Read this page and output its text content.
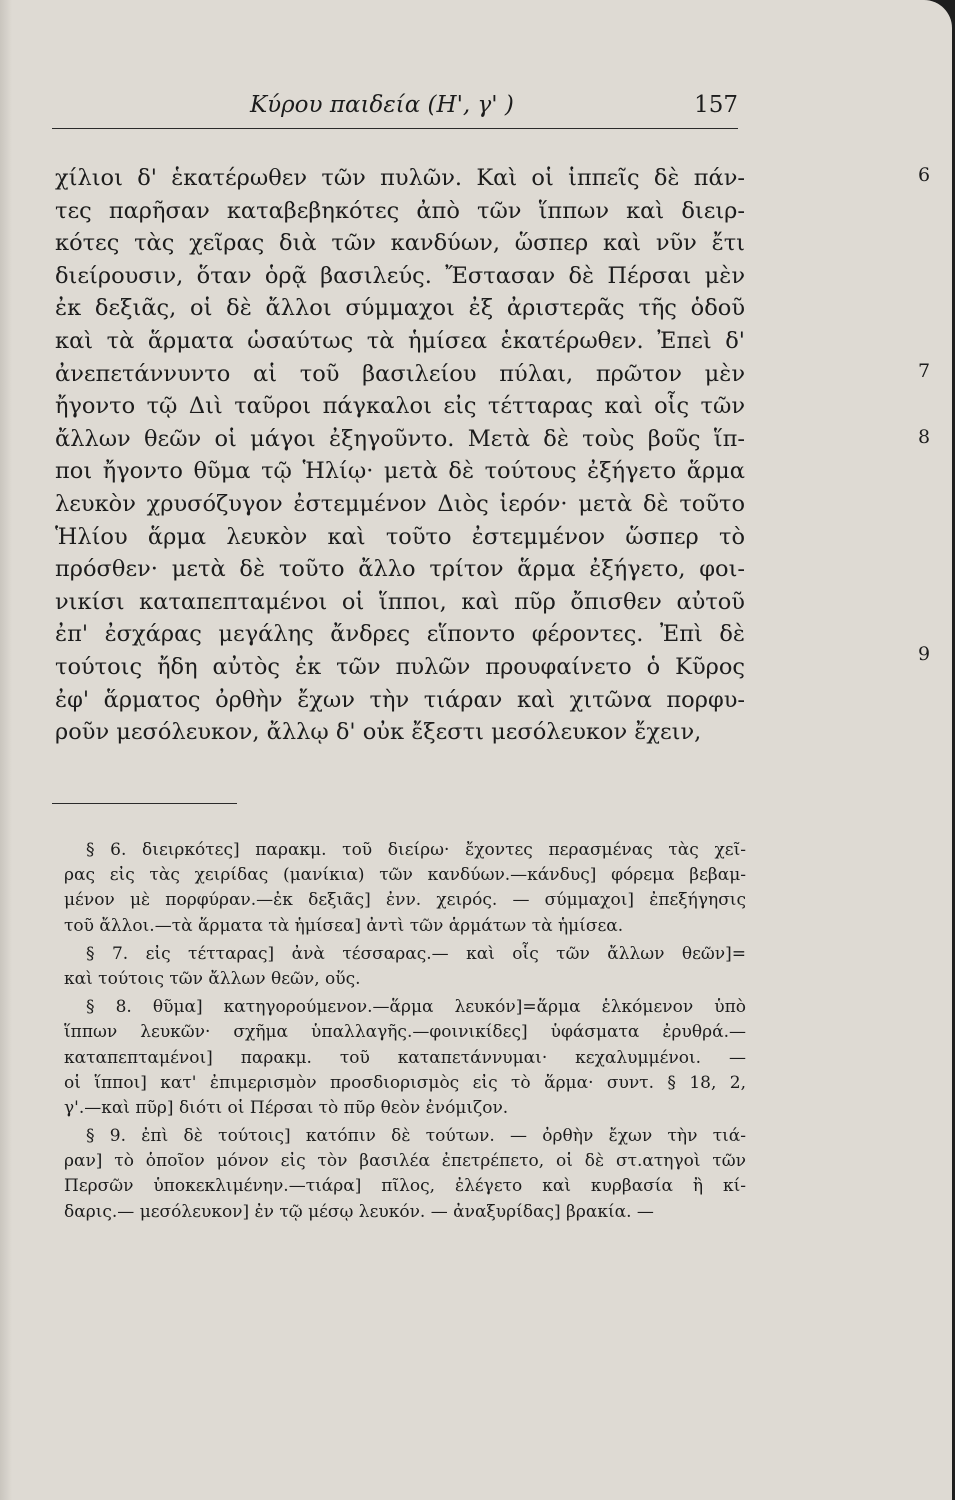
Κύρου παιδεία (Η', γ' )	157
χίλιοι δ' ἑκατέρωθεν τῶν πυλῶν. Καὶ οἱ ἱππεῖς δὲ πάν-
τες παρῆσαν καταβεβηκότες ἀπὸ τῶν ἵππων καὶ διειρ-
κότες τὰς χεῖρας διὰ τῶν κανδύων, ὥσπερ καὶ νῦν ἔτι
διείρουσιν, ὅταν ὁρᾷ βασιλεύς. Ἔστασαν δὲ Πέρσαι μὲν
ἐκ δεξιᾶς, οἱ δὲ ἄλλοι σύμμαχοι ἐξ ἀριστερᾶς τῆς ὁδοῦ
καὶ τὰ ἅρματα ὡσαύτως τὰ ἡμίσεα ἑκατέρωθεν. Ἐπεὶ δ'
ἀνεπετάννυντο αἱ τοῦ βασιλείου πύλαι, πρῶτον μὲν
ἤγοντο τῷ Διὶ ταῦροι πάγκαλοι εἰς τέτταρας καὶ οἷς τῶν
ἄλλων θεῶν οἱ μάγοι ἐξηγοῦντο. Μετὰ δὲ τοὺς βοῦς ἵπ-
ποι ἤγοντο θῦμα τῷ Ἡλίῳ· μετὰ δὲ τούτους ἐξήγετο ἅρμα
λευκὸν χρυσόζυγον ἐστεμμένον Διὸς ἱερόν· μετὰ δὲ τοῦτο
Ἡλίου ἅρμα λευκὸν καὶ τοῦτο ἐστεμμένον ὥσπερ τὸ
πρόσθεν· μετὰ δὲ τοῦτο ἄλλο τρίτον ἅρμα ἐξήγετο, φοι-
νικίσι καταπεπταμένοι οἱ ἵπποι, καὶ πῦρ ὄπισθεν αὐτοῦ
ἐπ' ἐσχάρας μεγάλης ἄνδρες εἵποντο φέροντες. Ἐπὶ δὲ
τούτοις ἤδη αὐτὸς ἐκ τῶν πυλῶν προυφαίνετο ὁ Κῦρος
ἐφ' ἅρματος ὀρθὴν ἔχων τὴν τιάραν καὶ χιτῶνα πορφυ-
ροῦν μεσόλευκον, ἄλλῳ δ' οὐκ ἔξεστι μεσόλευκον ἔχειν,
6
7
8
9
§ 6. διειρκότες] παρακμ. τοῦ διείρω· ἔχοντες περασμένας τὰς χεῖ-
ρας εἰς τὰς χειρίδας (μανίκια) τῶν κανδύων.—κάνδυς] φόρεμα βεβαμ-
μένον μὲ πορφύραν.—ἐκ δεξιᾶς] ἐνν. χειρός. — σύμμαχοι] ἐπεξήγησις
τοῦ ἄλλοι.—τὰ ἅρματα τὰ ἡμίσεα] ἀντὶ τῶν ἁρμάτων τὰ ἡμίσεα.
§ 7. εἰς τέτταρας] ἀνὰ τέσσαρας.— καὶ οἷς τῶν ἄλλων θεῶν]=
καὶ τούτοις τῶν ἄλλων θεῶν, οὕς.
§ 8. θῦμα] κατηγορούμενον.—ἅρμα λευκόν]=ἅρμα ἑλκόμενον ὑπὸ
ἵππων λευκῶν· σχῆμα ὑπαλλαγῆς.—φοινικίδες] ὑφάσματα ἐρυθρά.—
καταπεπταμένοι] παρακμ. τοῦ καταπετάννυμαι· κεχαλυμμένοι. —
οἱ ἵπποι] κατ' ἐπιμερισμὸν προσδιορισμὸς εἰς τὸ ἅρμα· συντ. § 18, 2,
γ'.—καὶ πῦρ] διότι οἱ Πέρσαι τὸ πῦρ θεὸν ἐνόμιζον.
§ 9. ἐπὶ δὲ τούτοις] κατόπιν δὲ τούτων. — ὀρθὴν ἔχων τὴν τιά-
ραν] τὸ ὁποῖον μόνον εἰς τὸν βασιλέα ἐπετρέπετο, οἱ δὲ στ.ατηγοὶ τῶν
Περσῶν ὑποκεκλιμένην.—τιάρα] πῖλος, ἐλέγετο καὶ κυρβασία ἢ κί-
δαρις.— μεσόλευκον] ἐν τῷ μέσῳ λευκόν. — ἀναξυρίδας] βρακία. —
